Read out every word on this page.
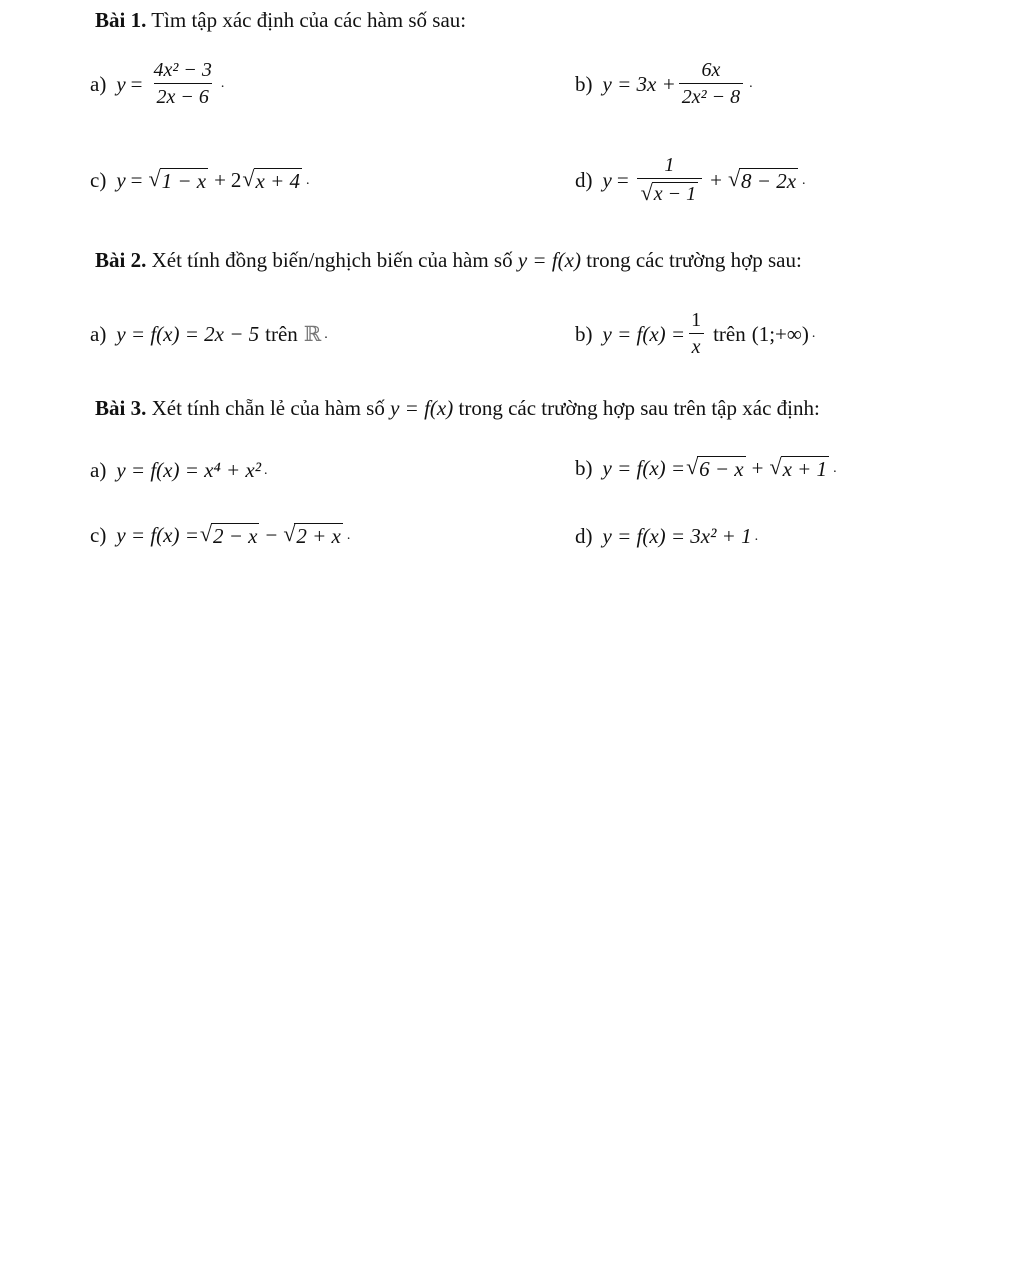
Bài 1. Tìm tập xác định của các hàm số sau:
a) $y = \frac{\text{4x² − 3}}{2x - 6}$ .	b) $y = 3x + \frac{6x}{\text{2x² − 8}}$ .
c) y = √ 1 − x + 2 √ x + 4 .	d) $y = \frac{1}{√ x - 1}$ + √ 8 − 2x .
Bài 2. Xét tính đồng biến/nghịch biến của hàm số y = f(x) trong các trường hợp sau:
a) y = f(x) = 2x − 5 trên ℝ .	b) $y = f(x) = \frac{1}{x}$ trên (1;+∞) .
Bài 3. Xét tính chẵn lẻ của hàm số y = f(x) trong các trường hợp sau trên tập xác định:
a) y = f(x) = x⁴ + x² .	b) y = f(x) = √ 6 − x + √ x + 1 .
c) y = f(x) = √ 2 − x − √ 2 + x .	d) y = f(x) = 3x² + 1 .
